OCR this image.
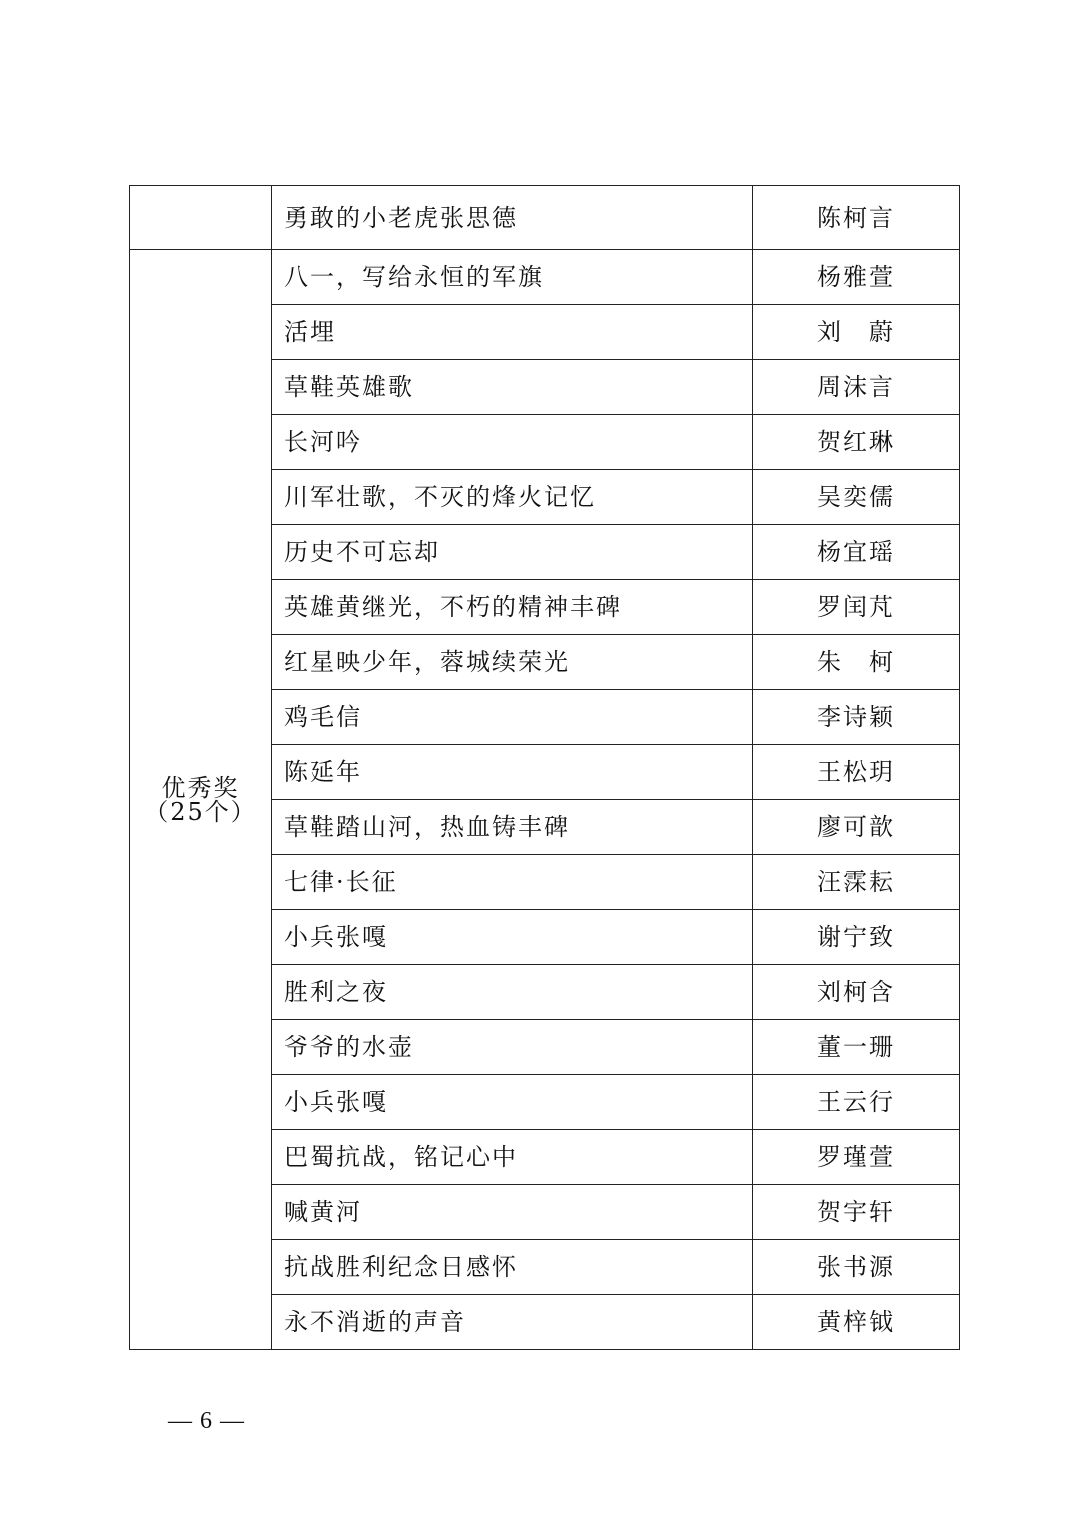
	勇敢的小老虎张思德	陈柯言

优秀奖
（25个）	八一，写给永恒的军旗	杨雅萱
	活埋	刘　蔚
	草鞋英雄歌	周沫言
	长河吟	贺红琳
	川军壮歌，不灭的烽火记忆	吴奕儒
	历史不可忘却	杨宜瑶
	英雄黄继光，不朽的精神丰碑	罗闰芃
	红星映少年，蓉城续荣光	朱　柯
	鸡毛信	李诗颖
	陈延年	王松玥
	草鞋踏山河，热血铸丰碑	廖可歆
	七律·长征	汪霂耘
	小兵张嘎	谢宁致
	胜利之夜	刘柯含
	爷爷的水壶	董一珊
	小兵张嘎	王云行
	巴蜀抗战，铭记心中	罗瑾萱
	喊黄河	贺宇轩
	抗战胜利纪念日感怀	张书源
	永不消逝的声音	黄梓钺
— 6 —
